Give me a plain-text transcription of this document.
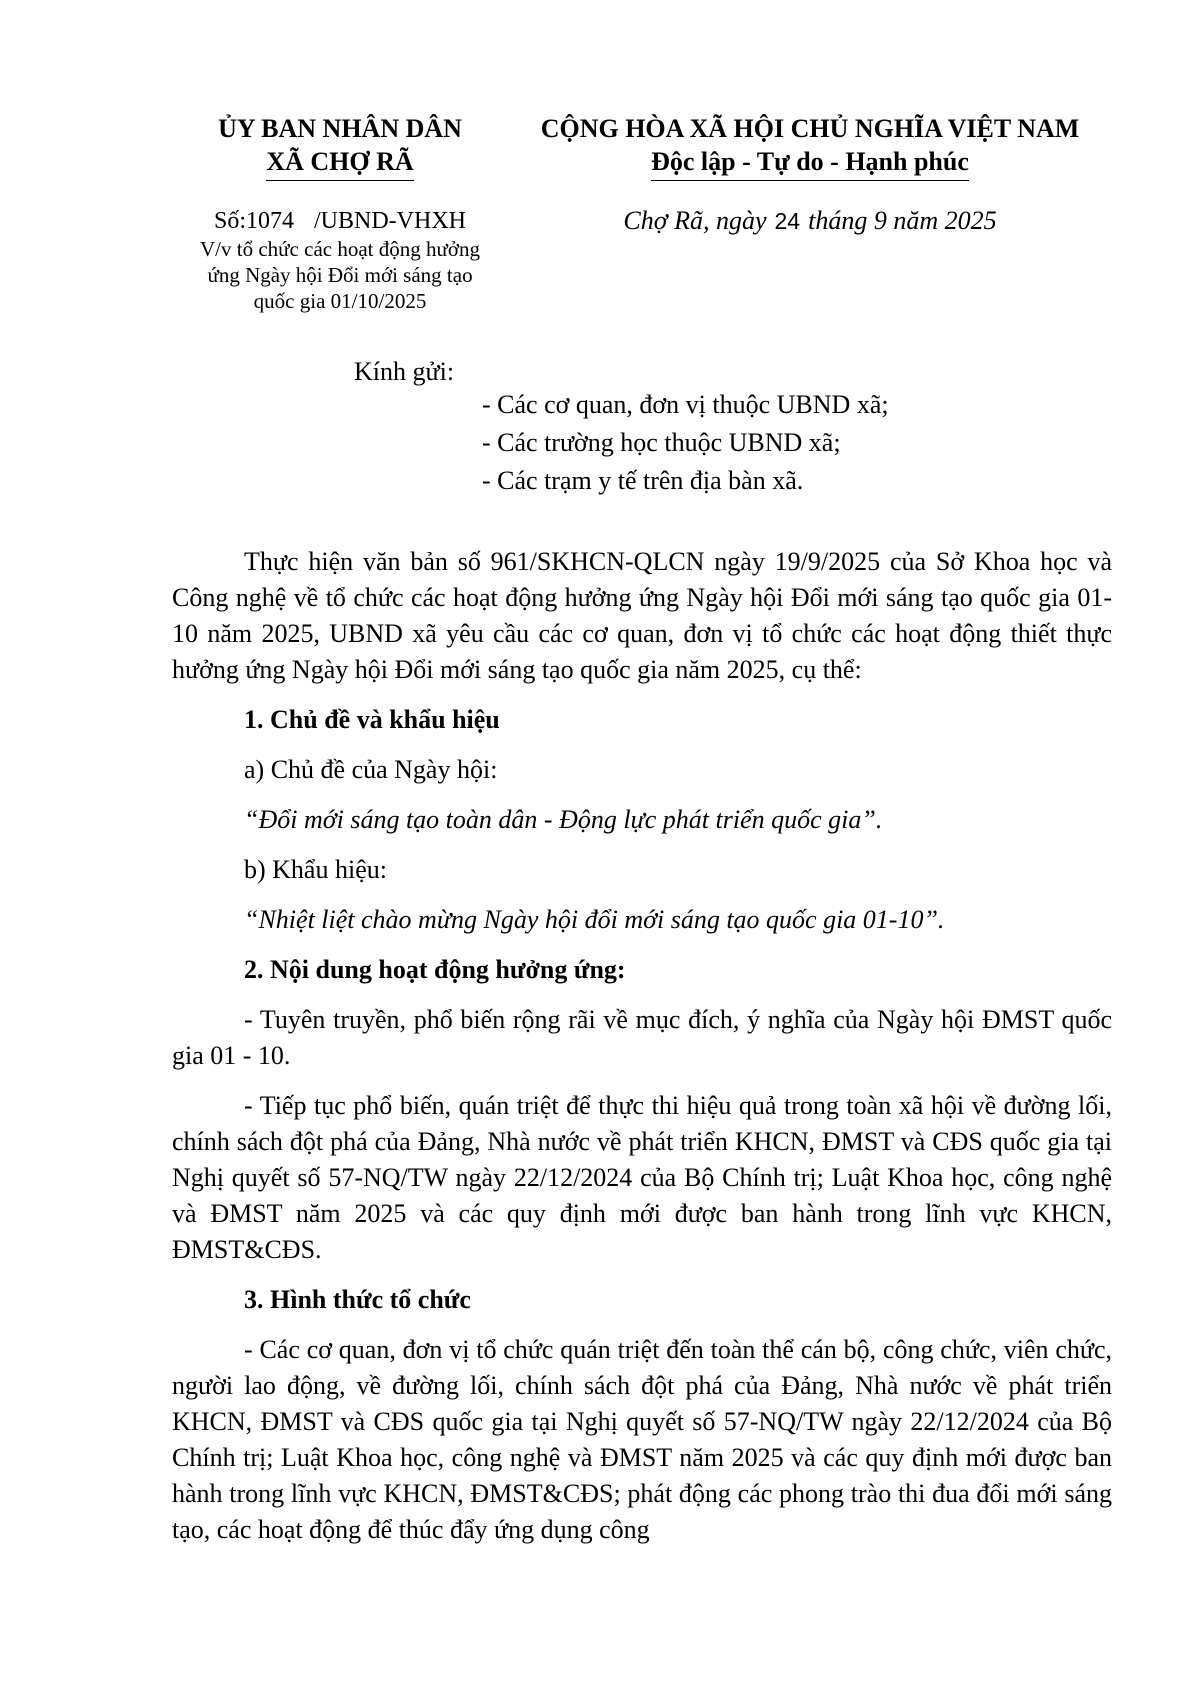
ỦY BAN NHÂN DÂN
XÃ CHỢ RÃ
CỘNG HÒA XÃ HỘI CHỦ NGHĨA VIỆT NAM
Độc lập - Tự do - Hạnh phúc
Số:1074 /UBND-VHXH
V/v tổ chức các hoạt động hưởng
ứng Ngày hội Đổi mới sáng tạo
quốc gia 01/10/2025
Chợ Rã, ngày 24 tháng 9 năm 2025
Kính gửi:
- Các cơ quan, đơn vị thuộc UBND xã;
- Các trường học thuộc UBND xã;
- Các trạm y tế trên địa bàn xã.

Thực hiện văn bản số 961/SKHCN-QLCN ngày 19/9/2025 của Sở Khoa học và Công nghệ về tổ chức các hoạt động hưởng ứng Ngày hội Đổi mới sáng tạo quốc gia 01-10 năm 2025, UBND xã yêu cầu các cơ quan, đơn vị tổ chức các hoạt động thiết thực hưởng ứng Ngày hội Đổi mới sáng tạo quốc gia năm 2025, cụ thể:

1. Chủ đề và khẩu hiệu

a) Chủ đề của Ngày hội:

“Đổi mới sáng tạo toàn dân - Động lực phát triển quốc gia”.

b) Khẩu hiệu:

“Nhiệt liệt chào mừng Ngày hội đổi mới sáng tạo quốc gia 01-10”.

2. Nội dung hoạt động hưởng ứng:

- Tuyên truyền, phổ biến rộng rãi về mục đích, ý nghĩa của Ngày hội ĐMST quốc gia 01 - 10.

- Tiếp tục phổ biến, quán triệt để thực thi hiệu quả trong toàn xã hội về đường lối, chính sách đột phá của Đảng, Nhà nước về phát triển KHCN, ĐMST và CĐS quốc gia tại Nghị quyết số 57-NQ/TW ngày 22/12/2024 của Bộ Chính trị; Luật Khoa học, công nghệ và ĐMST năm 2025 và các quy định mới được ban hành trong lĩnh vực KHCN, ĐMST&CĐS.

3. Hình thức tổ chức

- Các cơ quan, đơn vị tổ chức quán triệt đến toàn thể cán bộ, công chức, viên chức, người lao động, về đường lối, chính sách đột phá của Đảng, Nhà nước về phát triển KHCN, ĐMST và CĐS quốc gia tại Nghị quyết số 57-NQ/TW ngày 22/12/2024 của Bộ Chính trị; Luật Khoa học, công nghệ và ĐMST năm 2025 và các quy định mới được ban hành trong lĩnh vực KHCN, ĐMST&CĐS; phát động các phong trào thi đua đổi mới sáng tạo, các hoạt động để thúc đẩy ứng dụng công
